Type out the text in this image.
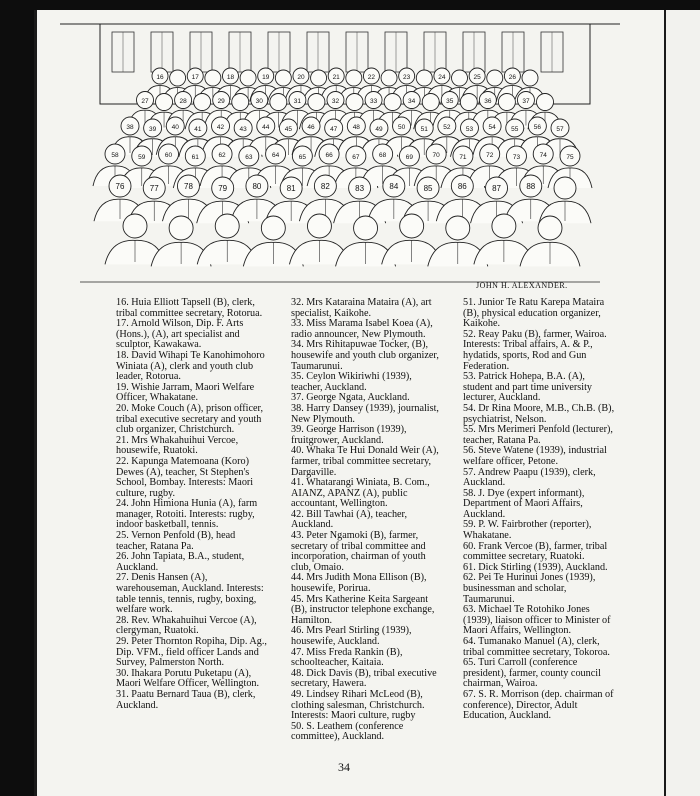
16	17	18	19	20	21	22	23	24	25	26
27	28	29	30	31	32	33	34	35	36	37
38 39 40 41 42 43 44 45 46 47 48 49 50 51 52 53 54 55 56 57
58	59	60	61	62	63	64	65	66	67	68	69	70	71	72	73	74	75
76	77	78	79	80	81	82	83	84	85	86	87	88
JOHN H. ALEXANDER.

16. Huia Elliott Tapsell (B), clerk, tribal committee secretary, Rotorua.

17. Arnold Wilson, Dip. F. Arts (Hons.), (A), art specialist and sculptor, Kawakawa.

18. David Wihapi Te Kanohimohoro Winiata (A), clerk and youth club leader, Rotorua.

19. Wishie Jarram, Maori Welfare Officer, Whakatane.

20. Moke Couch (A), prison officer, tribal executive secretary and youth club organizer, Christchurch.

21. Mrs Whakahuihui Vercoe, housewife, Ruatoki.

22. Kapunga Matemoana (Koro) Dewes (A), teacher, St Stephen's School, Bombay. Interests: Maori culture, rugby.

24. John Himiona Hunia (A), farm manager, Rotoiti. Interests: rugby, indoor basketball, tennis.

25. Vernon Penfold (B), head teacher, Ratana Pa.

26. John Tapiata, B.A., student, Auckland.

27. Denis Hansen (A), warehouseman, Auckland. Interests: table tennis, tennis, rugby, boxing, welfare work.

28. Rev. Whakahuihui Vercoe (A), clergyman, Ruatoki.

29. Peter Thornton Ropiha, Dip. Ag., Dip. VFM., field officer Lands and Survey, Palmerston North.

30. Ihakara Porutu Puketapu (A), Maori Welfare Officer, Wellington.

31. Paatu Bernard Taua (B), clerk, Auckland.

32. Mrs Kataraina Mataira (A), art specialist, Kaikohe.

33. Miss Marama Isabel Koea (A), radio announcer, New Plymouth.

34. Mrs Rihitapuwae Tocker, (B), housewife and youth club organizer, Taumarunui.

35. Ceylon Wikiriwhi (1939), teacher, Auckland.

37. George Ngata, Auckland.

38. Harry Dansey (1939), journalist, New Plymouth.

39. George Harrison (1939), fruitgrower, Auckland.

40. Whaka Te Hui Donald Weir (A), farmer, tribal committee secretary, Dargaville.

41. Whatarangi Winiata, B. Com., AIANZ, APANZ (A), public accountant, Wellington.

42. Bill Tawhai (A), teacher, Auckland.

43. Peter Ngamoki (B), farmer, secretary of tribal committee and incorporation, chairman of youth club, Omaio.

44. Mrs Judith Mona Ellison (B), housewife, Porirua.

45. Mrs Katherine Keita Sargeant (B), instructor telephone exchange, Hamilton.

46. Mrs Pearl Stirling (1939), housewife, Auckland.

47. Miss Freda Rankin (B), schoolteacher, Kaitaia.

48. Dick Davis (B), tribal executive secretary, Hawera.

49. Lindsey Rihari McLeod (B), clothing salesman, Christchurch. Interests: Maori culture, rugby

50. S. Leathem (conference committee), Auckland.

51. Junior Te Ratu Karepa Mataira (B), physical education organizer, Kaikohe.

52. Reay Paku (B), farmer, Wairoa. Interests: Tribal affairs, A. & P., hydatids, sports, Rod and Gun Federation.

53. Patrick Hohepa, B.A. (A), student and part time university lecturer, Auckland.

54. Dr Rina Moore, M.B., Ch.B. (B), psychiatrist, Nelson.

55. Mrs Merimeri Penfold (lecturer), teacher, Ratana Pa.

56. Steve Watene (1939), industrial welfare officer, Petone.

57. Andrew Paapu (1939), clerk, Auckland.

58. J. Dye (expert informant), Department of Maori Affairs, Auckland.

59. P. W. Fairbrother (reporter), Whakatane.

60. Frank Vercoe (B), farmer, tribal committee secretary, Ruatoki.

61. Dick Stirling (1939), Auckland.

62. Pei Te Hurinui Jones (1939), businessman and scholar, Taumarunui.

63. Michael Te Rotohiko Jones (1939), liaison officer to Minister of Maori Affairs, Wellington.

64. Tumanako Manuel (A), clerk, tribal committee secretary, Tokoroa.

65. Turi Carroll (conference president), farmer, county council chairman, Wairoa.

67. S. R. Morrison (dep. chairman of conference), Director, Adult Education, Auckland.

34
